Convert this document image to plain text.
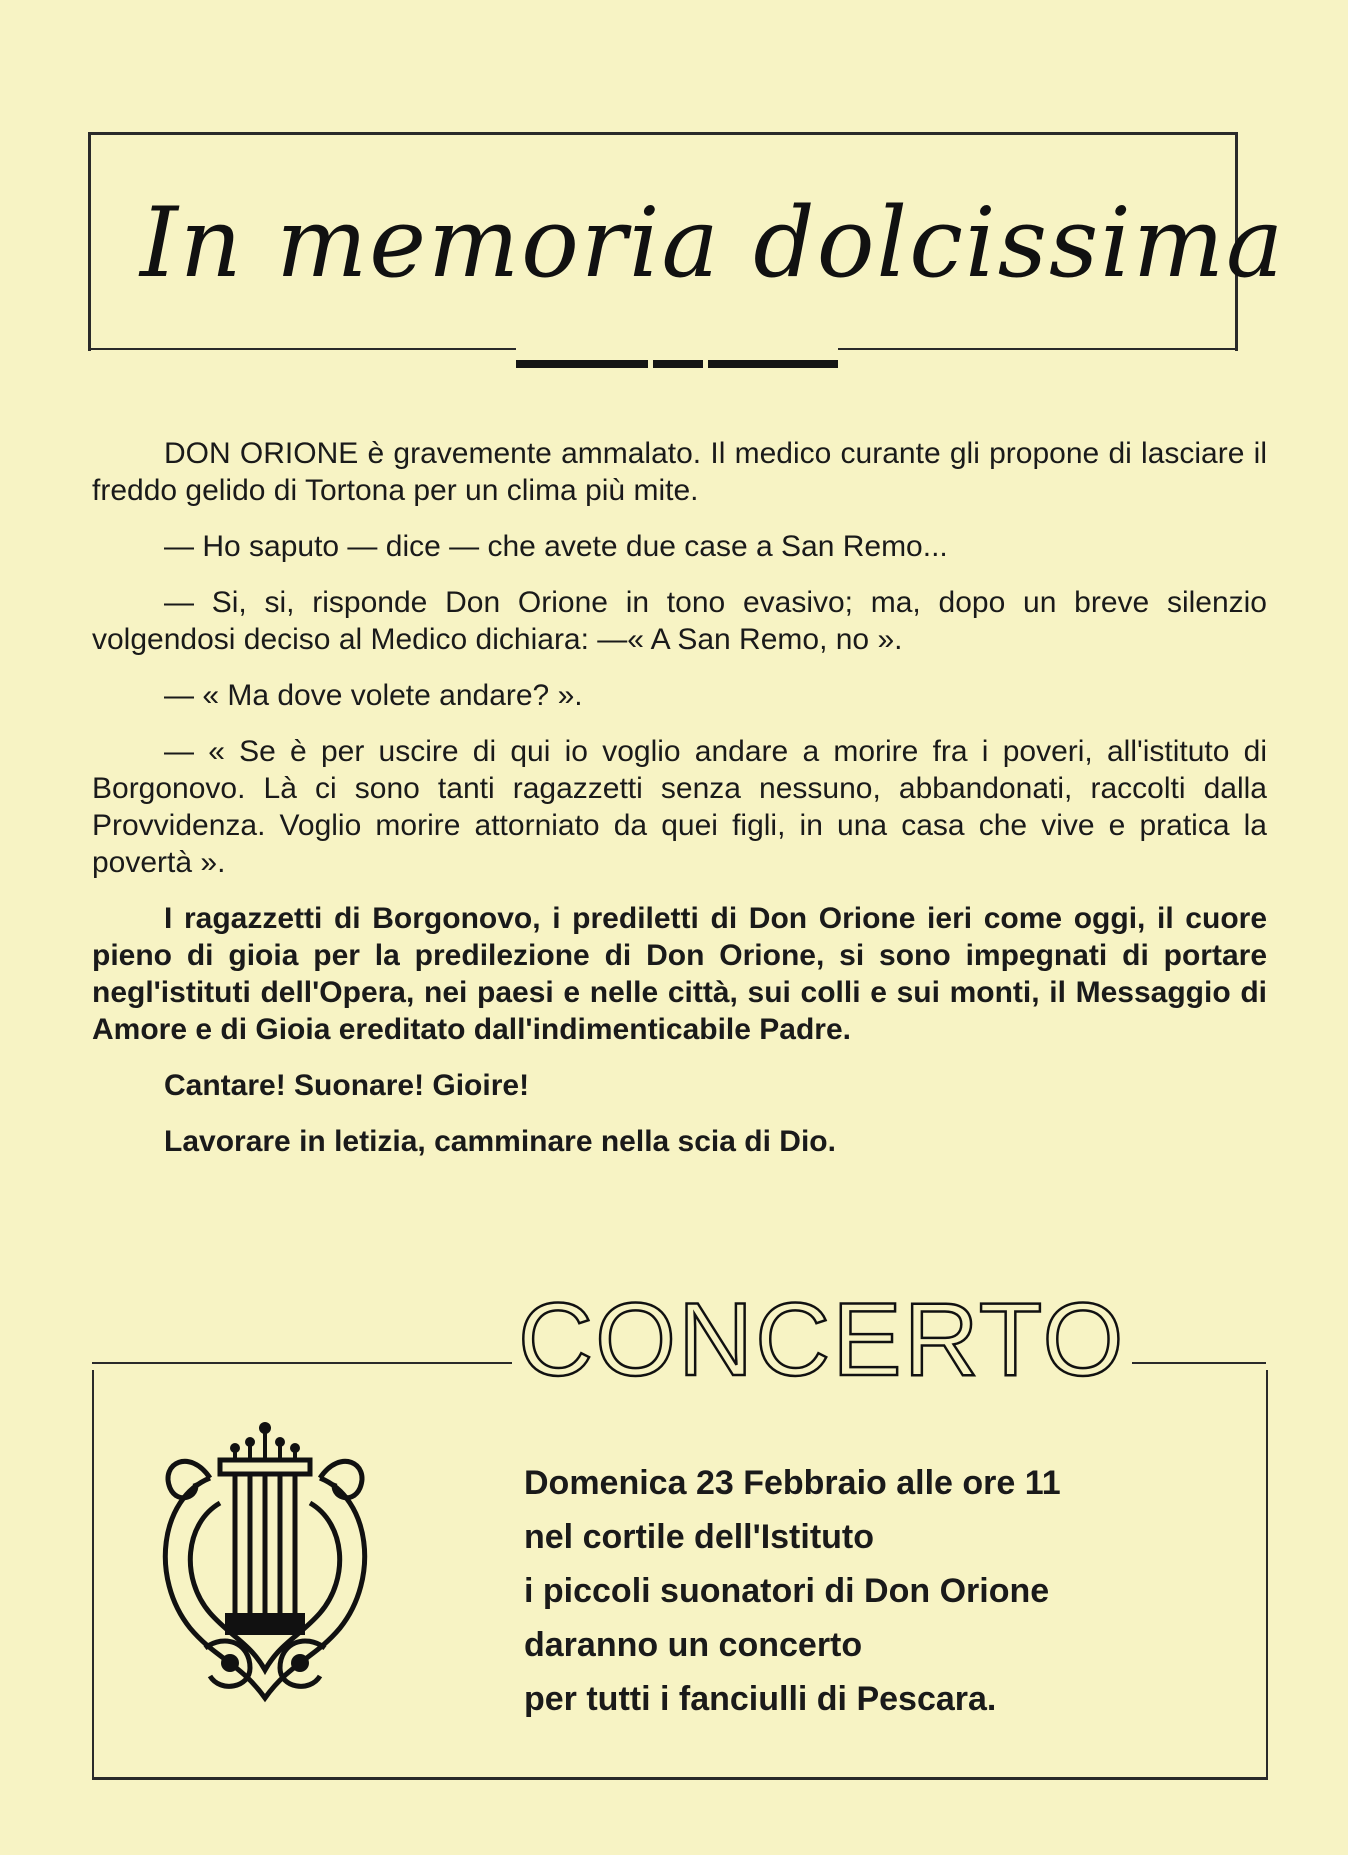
In memoria dolcissima

DON ORIONE è gravemente ammalato. Il medico curante gli propone di lasciare il freddo gelido di Tortona per un clima più mite.

— Ho saputo — dice — che avete due case a San Remo...

— Si, si, risponde Don Orione in tono evasivo; ma, dopo un breve silenzio volgendosi deciso al Medico dichiara: —« A San Remo, no ».

— « Ma dove volete andare? ».

— « Se è per uscire di qui io voglio andare a morire fra i poveri, all'istituto di Borgonovo. Là ci sono tanti ragazzetti senza nessuno, abbandonati, raccolti dalla Provvidenza. Voglio morire attorniato da quei figli, in una casa che vive e pratica la povertà ».

I ragazzetti di Borgonovo, i prediletti di Don Orione ieri come oggi, il cuore pieno di gioia per la predilezione di Don Orione, si sono impegnati di portare negl'istituti dell'Opera, nei paesi e nelle città, sui colli e sui monti, il Messaggio di Amore e di Gioia ereditato dall'indimenticabile Padre.

Cantare! Suonare! Gioire!

Lavorare in letizia, camminare nella scia di Dio.

CONCERTO
Domenica 23 Febbraio alle ore 11
nel cortile dell'Istituto
i piccoli suonatori di Don Orione
daranno un concerto
per tutti i fanciulli di Pescara.
